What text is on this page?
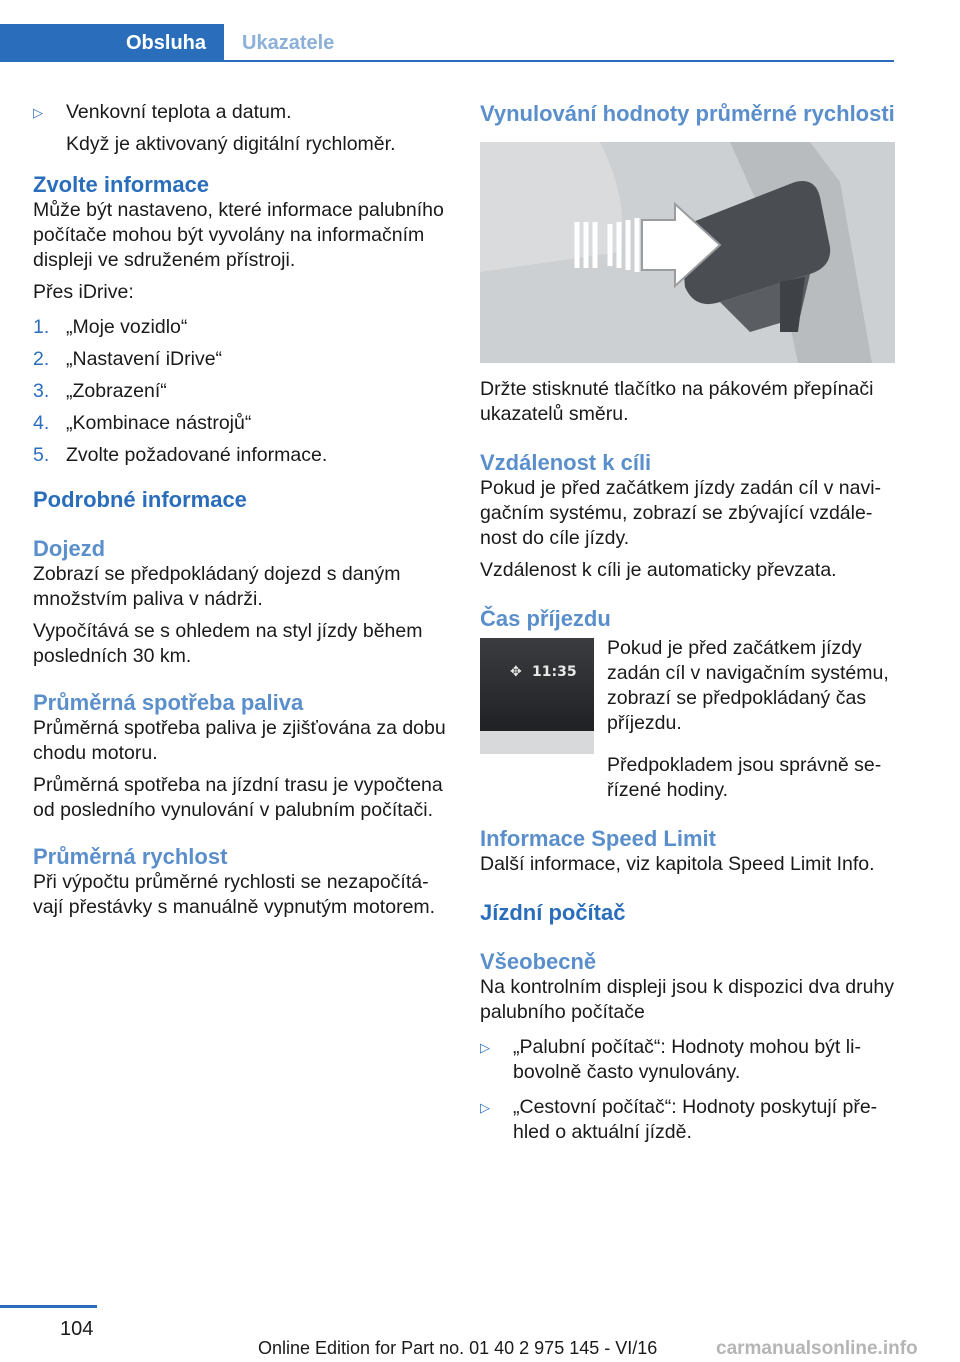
Obsluha	Ukazatele
▷	Venkovní teplota a datum.

Když je aktivovaný digitální rychloměr.

Zvolte informace

Může být nastaveno, které informace palubního počítače mohou být vyvolány na informačním displeji ve sdruženém přístroji.

Přes iDrive:

1. „Moje vozidlo“
2. „Nastavení iDrive“
3. „Zobrazení“
4. „Kombinace nástrojů“
5. Zvolte požadované informace.
Podrobné informace
Dojezd

Zobrazí se předpokládaný dojezd s daným množstvím paliva v nádrži.

Vypočítává se s ohledem na styl jízdy během posledních 30 km.

Průměrná spotřeba paliva

Průměrná spotřeba paliva je zjišťována za dobu chodu motoru.

Průměrná spotřeba na jízdní trasu je vypočtena od posledního vynulování v palubním počítači.

Průměrná rychlost

Při výpočtu průměrné rychlosti se nezapočítávají přestávky s manuálně vypnutým motorem.

Vynulování hodnoty průměrné rychlosti

Držte stisknuté tlačítko na pákovém přepínači ukazatelů směru.

Vzdálenost k cíli

Pokud je před začátkem jízdy zadán cíl v navigačním systému, zobrazí se zbývající vzdálenost do cíle jízdy.

Vzdálenost k cíli je automaticky převzata.

Čas příjezdu
✥ 11:35

Pokud je před začátkem jízdy zadán cíl v navigačním systému, zobrazí se předpokládaný čas příjezdu.

Předpokladem jsou správně seřízené hodiny.

Informace Speed Limit

Další informace, viz kapitola Speed Limit Info.

Jízdní počítač
Všeobecně

Na kontrolním displeji jsou k dispozici dva druhy palubního počítače

▷	„Palubní počítač“: Hodnoty mohou být libovolně často vynulovány.
▷	„Cestovní počítač“: Hodnoty poskytují přehled o aktuální jízdě.
104
Online Edition for Part no. 01 40 2 975 145 - VI/16	carmanualsonline.info
